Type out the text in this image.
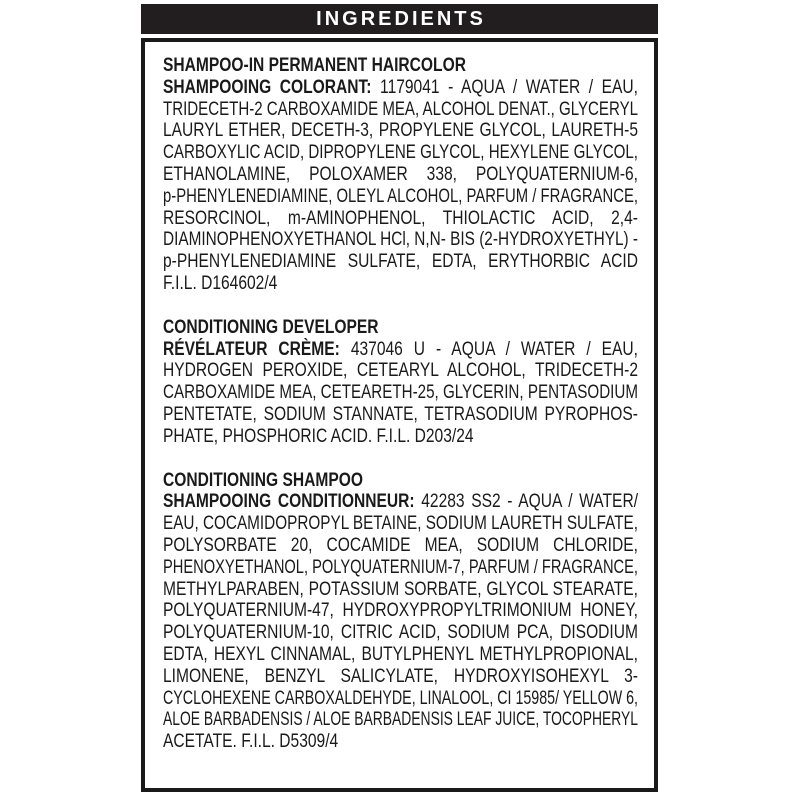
INGREDIENTS
SHAMPOO-IN PERMANENT HAIRCOLOR
SHAMPOOING COLORANT: 1179041 - AQUA / WATER / EAU,
TRIDECETH-2 CARBOXAMIDE MEA, ALCOHOL DENAT., GLYCERYL
LAURYL ETHER, DECETH-3, PROPYLENE GLYCOL, LAURETH-5
CARBOXYLIC ACID, DIPROPYLENE GLYCOL, HEXYLENE GLYCOL,
ETHANOLAMINE, POLOXAMER 338, POLYQUATERNIUM-6,
p-PHENYLENEDIAMINE, OLEYL ALCOHOL, PARFUM / FRAGRANCE,
RESORCINOL, m-AMINOPHENOL, THIOLACTIC ACID, 2,4-
DIAMINOPHENOXYETHANOL HCl, N,N- BIS (2-HYDROXYETHYL) -
p-PHENYLENEDIAMINE SULFATE, EDTA, ERYTHORBIC ACID
F.I.L. D164602/4
CONDITIONING DEVELOPER
RÉVÉLATEUR CRÈME: 437046 U - AQUA / WATER / EAU,
HYDROGEN PEROXIDE, CETEARYL ALCOHOL, TRIDECETH-2
CARBOXAMIDE MEA, CETEARETH-25, GLYCERIN, PENTASODIUM
PENTETATE, SODIUM STANNATE, TETRASODIUM PYROPHOS-
PHATE, PHOSPHORIC ACID. F.I.L. D203/24
CONDITIONING SHAMPOO
SHAMPOOING CONDITIONNEUR: 42283 SS2 - AQUA / WATER/
EAU, COCAMIDOPROPYL BETAINE, SODIUM LAURETH SULFATE,
POLYSORBATE 20, COCAMIDE MEA, SODIUM CHLORIDE,
PHENOXYETHANOL, POLYQUATERNIUM-7, PARFUM / FRAGRANCE,
METHYLPARABEN, POTASSIUM SORBATE, GLYCOL STEARATE,
POLYQUATERNIUM-47, HYDROXYPROPYLTRIMONIUM HONEY,
POLYQUATERNIUM-10, CITRIC ACID, SODIUM PCA, DISODIUM
EDTA, HEXYL CINNAMAL, BUTYLPHENYL METHYLPROPIONAL,
LIMONENE, BENZYL SALICYLATE, HYDROXYISOHEXYL 3-
CYCLOHEXENE CARBOXALDEHYDE, LINALOOL, CI 15985/ YELLOW 6,
ALOE BARBADENSIS / ALOE BARBADENSIS LEAF JUICE, TOCOPHERYL
ACETATE. F.I.L. D5309/4
